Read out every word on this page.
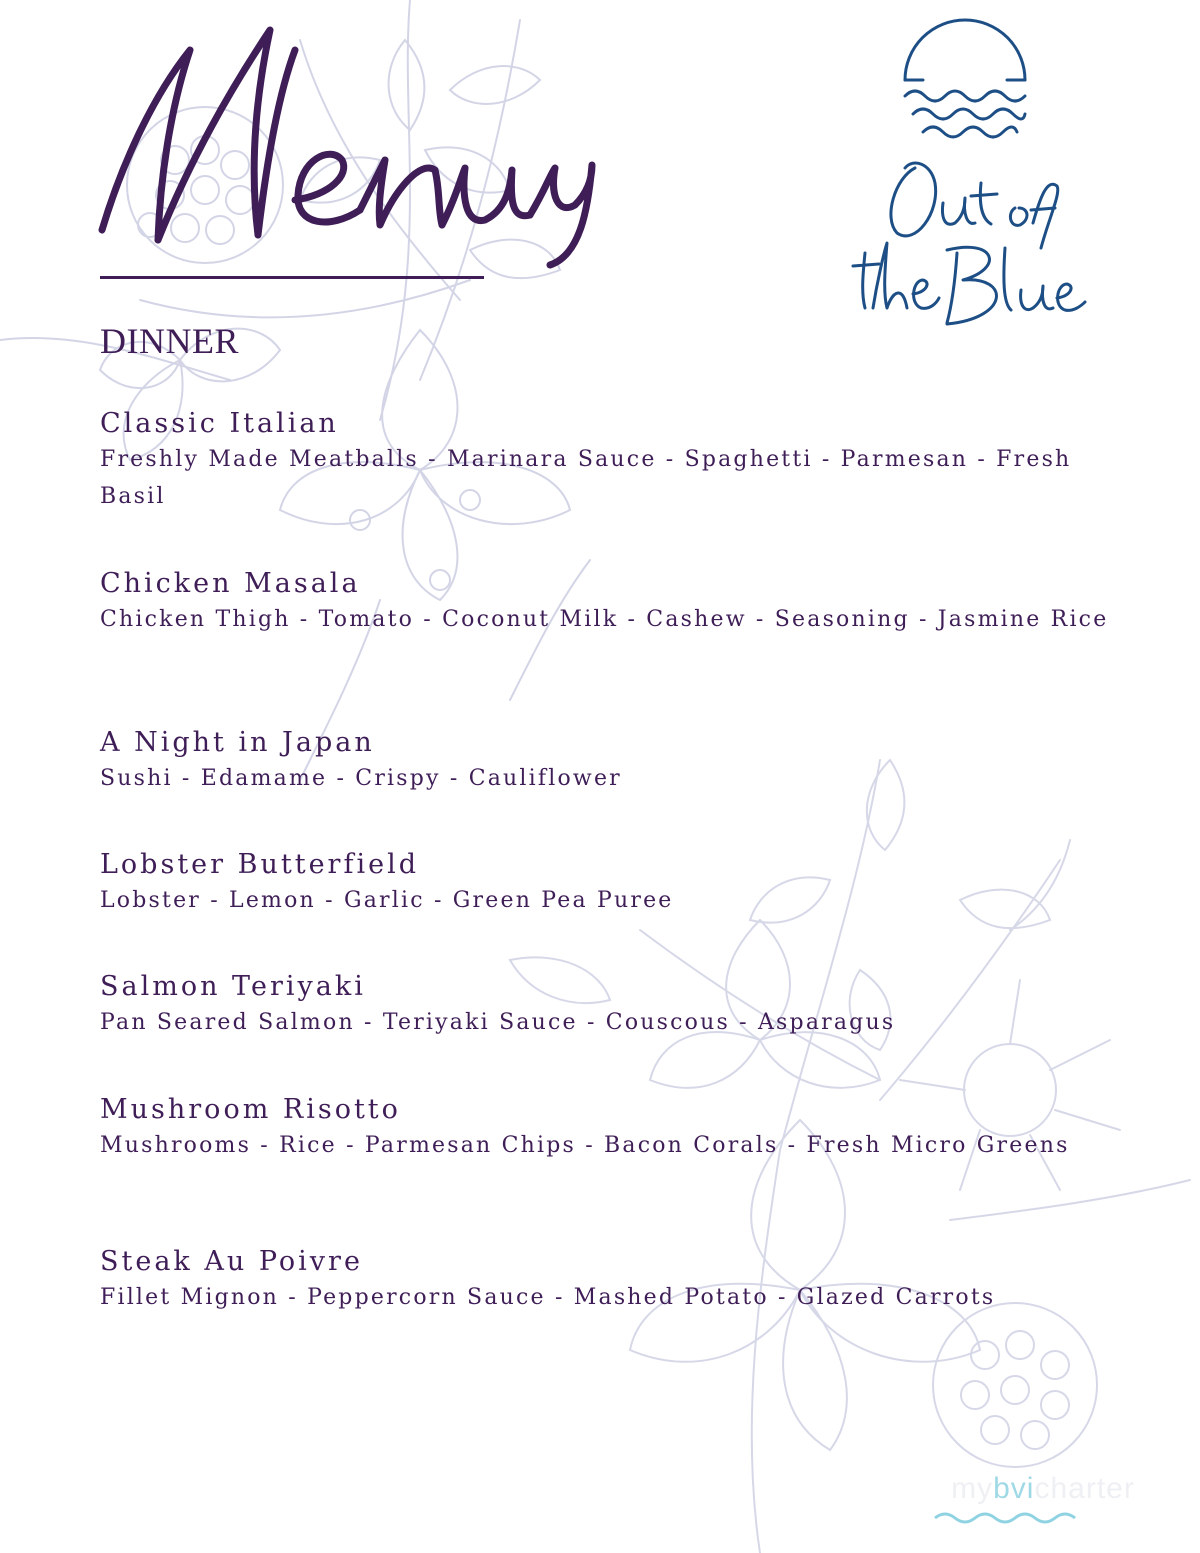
DINNER
Classic Italian
Freshly Made Meatballs - Marinara Sauce - Spaghetti - Parmesan - Fresh Basil
Chicken Masala
Chicken Thigh - Tomato - Coconut Milk - Cashew - Seasoning - Jasmine Rice
A Night in Japan
Sushi - Edamame - Crispy - Cauliflower
Lobster Butterfield
Lobster - Lemon - Garlic - Green Pea Puree
Salmon Teriyaki
Pan Seared Salmon - Teriyaki Sauce - Couscous - Asparagus
Mushroom Risotto
Mushrooms - Rice - Parmesan Chips - Bacon Corals - Fresh Micro Greens
Steak Au Poivre
Fillet Mignon - Peppercorn Sauce - Mashed Potato - Glazed Carrots
mybvicharter
